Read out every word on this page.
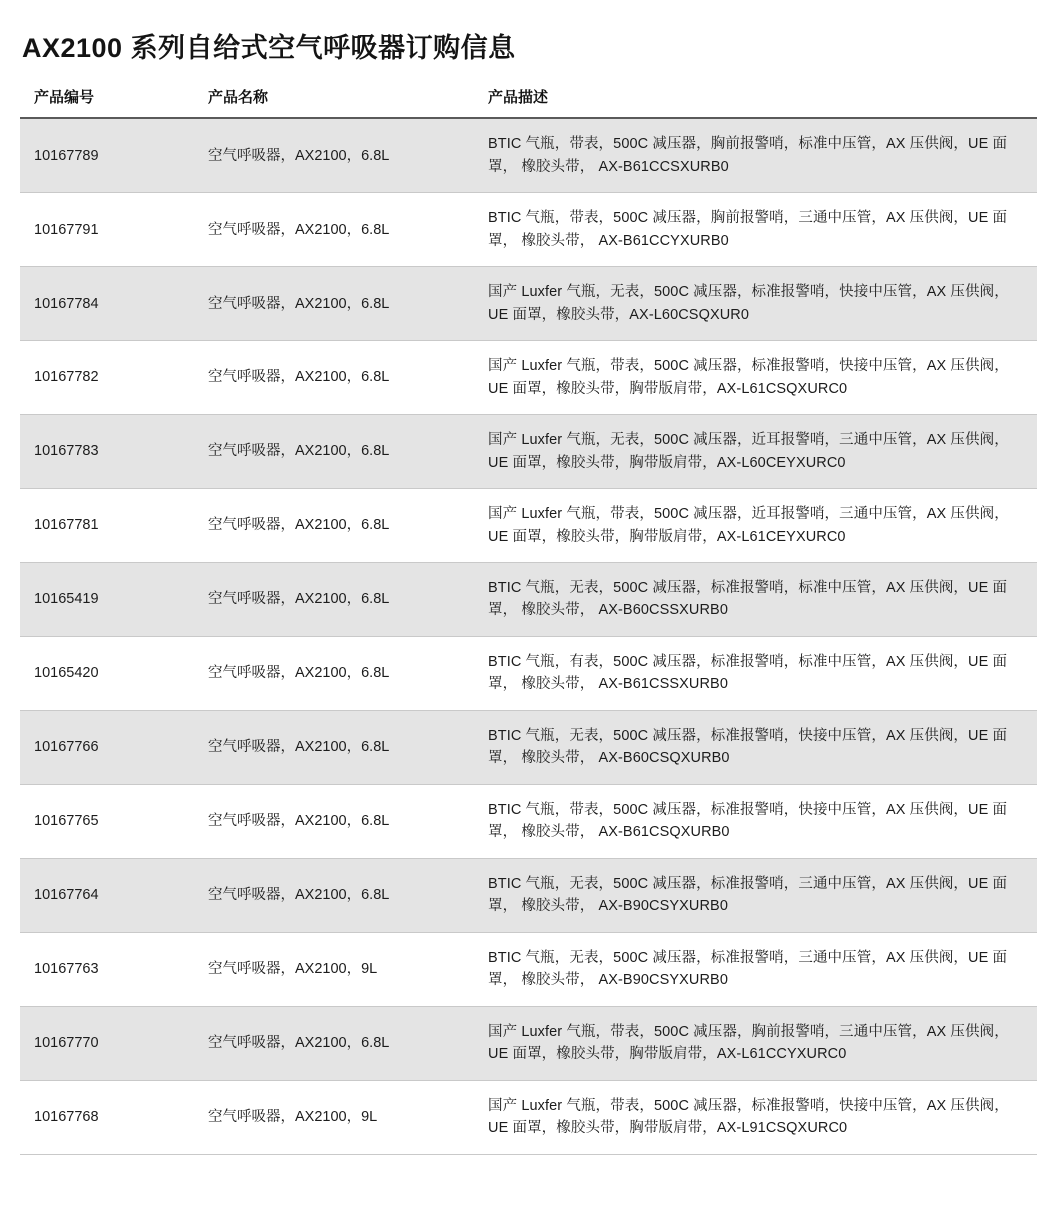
AX2100 系列自给式空气呼吸器订购信息
产品编号	产品名称	产品描述
10167789	空气呼吸器，AX2100，6.8L	BTIC 气瓶，带表，500C 减压器，胸前报警哨，标准中压管，AX 压供阀，UE 面罩， 橡胶头带， AX-B61CCSXURB0
10167791	空气呼吸器，AX2100，6.8L	BTIC 气瓶，带表，500C 减压器，胸前报警哨，三通中压管，AX 压供阀，UE 面罩， 橡胶头带， AX-B61CCYXURB0
10167784	空气呼吸器，AX2100，6.8L	国产 Luxfer 气瓶，无表，500C 减压器，标准报警哨，快接中压管，AX 压供阀，UE 面罩，橡胶头带，AX-L60CSQXUR0
10167782	空气呼吸器，AX2100，6.8L	国产 Luxfer 气瓶，带表，500C 减压器，标准报警哨，快接中压管，AX 压供阀，UE 面罩，橡胶头带，胸带版肩带，AX-L61CSQXURC0
10167783	空气呼吸器，AX2100，6.8L	国产 Luxfer 气瓶，无表，500C 减压器，近耳报警哨，三通中压管，AX 压供阀，UE 面罩，橡胶头带，胸带版肩带，AX-L60CEYXURC0
10167781	空气呼吸器，AX2100，6.8L	国产 Luxfer 气瓶，带表，500C 减压器，近耳报警哨，三通中压管，AX 压供阀，UE 面罩，橡胶头带，胸带版肩带，AX-L61CEYXURC0
10165419	空气呼吸器，AX2100，6.8L	BTIC 气瓶，无表，500C 减压器，标准报警哨，标准中压管，AX 压供阀，UE 面罩， 橡胶头带， AX-B60CSSXURB0
10165420	空气呼吸器，AX2100，6.8L	BTIC 气瓶，有表，500C 减压器，标准报警哨，标准中压管，AX 压供阀，UE 面罩， 橡胶头带， AX-B61CSSXURB0
10167766	空气呼吸器，AX2100，6.8L	BTIC 气瓶，无表，500C 减压器，标准报警哨，快接中压管，AX 压供阀，UE 面罩， 橡胶头带， AX-B60CSQXURB0
10167765	空气呼吸器，AX2100，6.8L	BTIC 气瓶，带表，500C 减压器，标准报警哨，快接中压管，AX 压供阀，UE 面罩， 橡胶头带， AX-B61CSQXURB0
10167764	空气呼吸器，AX2100，6.8L	BTIC 气瓶，无表，500C 减压器，标准报警哨，三通中压管，AX 压供阀，UE 面罩， 橡胶头带， AX-B90CSYXURB0
10167763	空气呼吸器，AX2100，9L	BTIC 气瓶，无表，500C 减压器，标准报警哨，三通中压管，AX 压供阀，UE 面罩， 橡胶头带， AX-B90CSYXURB0
10167770	空气呼吸器，AX2100，6.8L	国产 Luxfer 气瓶，带表，500C 减压器，胸前报警哨，三通中压管，AX 压供阀，UE 面罩，橡胶头带，胸带版肩带，AX-L61CCYXURC0
10167768	空气呼吸器，AX2100，9L	国产 Luxfer 气瓶，带表，500C 减压器，标准报警哨，快接中压管，AX 压供阀，UE 面罩，橡胶头带，胸带版肩带，AX-L91CSQXURC0
